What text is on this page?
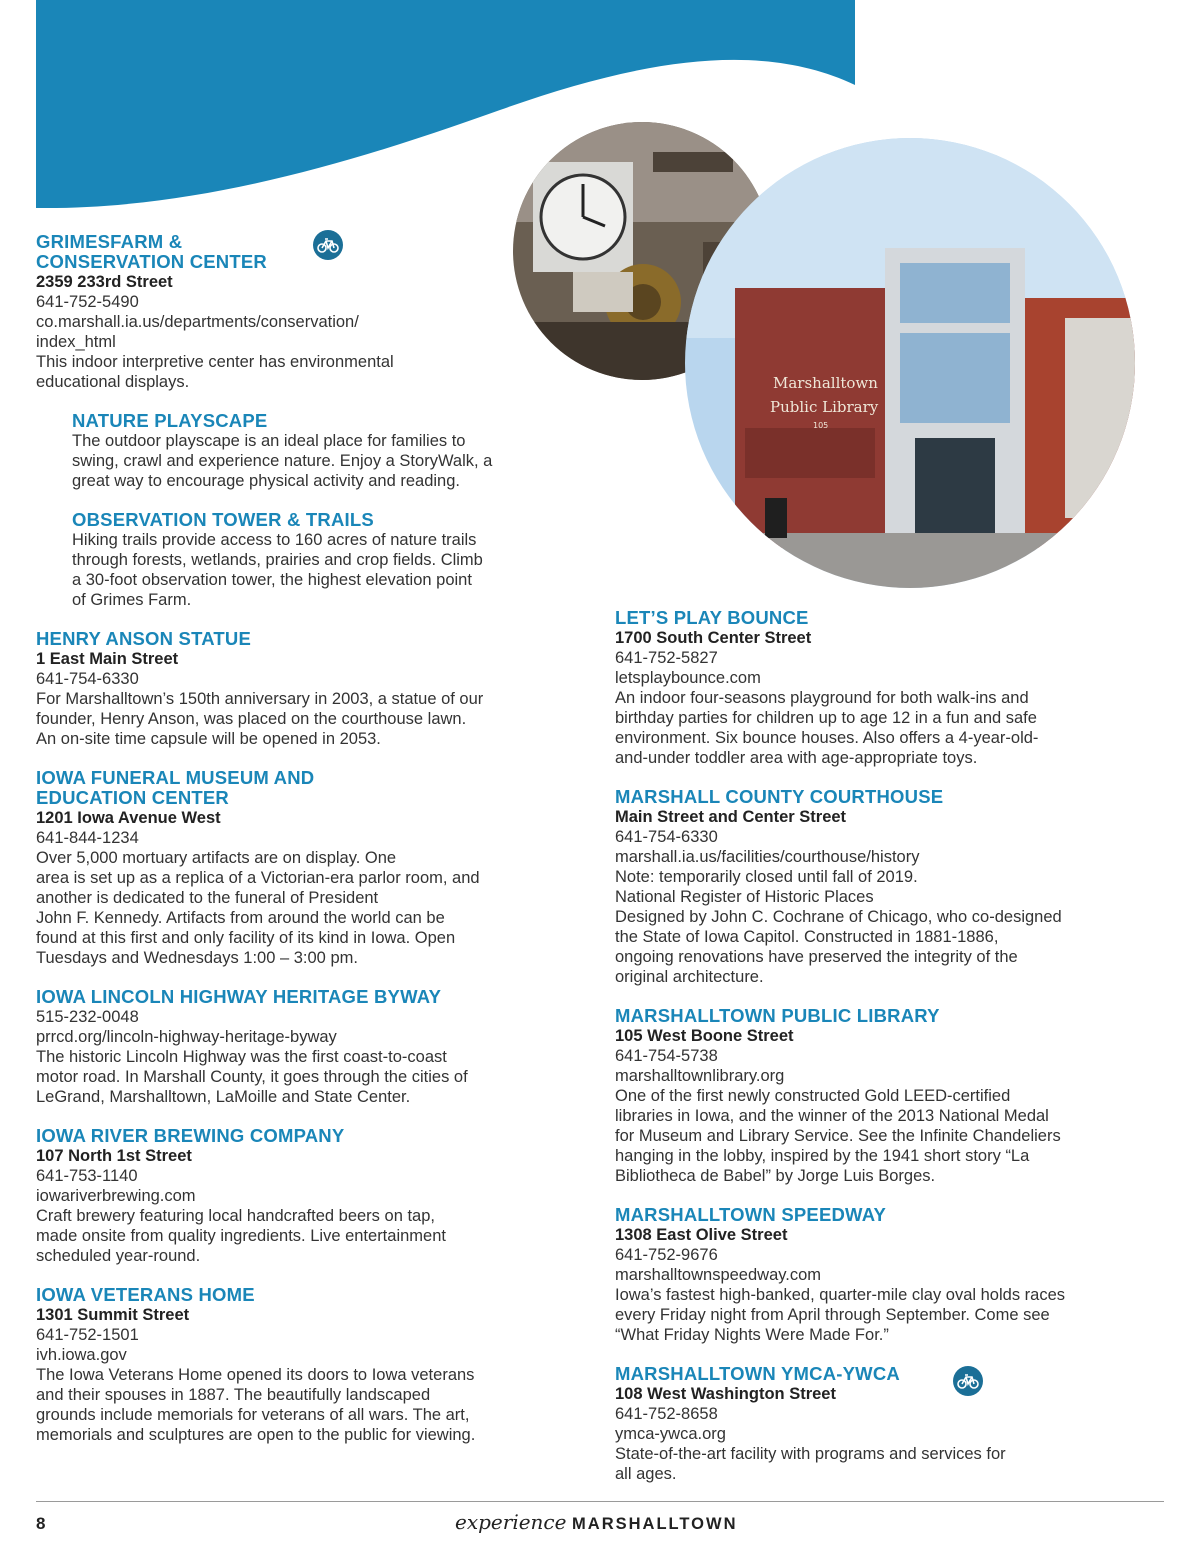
Marshalltown
Public Library
105
GRIMESFARM &
CONSERVATION CENTER
2359 233rd Street
641-752-5490
co.marshall.ia.us/departments/conservation/
index_html
This indoor interpretive center has environmental
educational displays.
NATURE PLAYSCAPE
The outdoor playscape is an ideal place for families to
swing, crawl and experience nature. Enjoy a StoryWalk, a
great way to encourage physical activity and reading.
OBSERVATION TOWER & TRAILS
Hiking trails provide access to 160 acres of nature trails
through forests, wetlands, prairies and crop fields. Climb
a 30-foot observation tower, the highest elevation point
of Grimes Farm.
HENRY ANSON STATUE
1 East Main Street
641-754-6330
For Marshalltown’s 150th anniversary in 2003, a statue of our
founder, Henry Anson, was placed on the courthouse lawn.
An on-site time capsule will be opened in 2053.
IOWA FUNERAL MUSEUM AND
EDUCATION CENTER
1201 Iowa Avenue West
641-844-1234
Over 5,000 mortuary artifacts are on display. One
area is set up as a replica of a Victorian-era parlor room, and
another is dedicated to the funeral of President
John F. Kennedy. Artifacts from around the world can be
found at this first and only facility of its kind in Iowa. Open
Tuesdays and Wednesdays 1:00 – 3:00 pm.
IOWA LINCOLN HIGHWAY HERITAGE BYWAY
515-232-0048
prrcd.org/lincoln-highway-heritage-byway
The historic Lincoln Highway was the first coast-to-coast
motor road. In Marshall County, it goes through the cities of
LeGrand, Marshalltown, LaMoille and State Center.
IOWA RIVER BREWING COMPANY
107 North 1st Street
641-753-1140
iowariverbrewing.com
Craft brewery featuring local handcrafted beers on tap,
made onsite from quality ingredients. Live entertainment
scheduled year-round.
IOWA VETERANS HOME
1301 Summit Street
641-752-1501
ivh.iowa.gov
The Iowa Veterans Home opened its doors to Iowa veterans
and their spouses in 1887. The beautifully landscaped
grounds include memorials for veterans of all wars. The art,
memorials and sculptures are open to the public for viewing.
LET’S PLAY BOUNCE
1700 South Center Street
641-752-5827
letsplaybounce.com
An indoor four-seasons playground for both walk-ins and
birthday parties for children up to age 12 in a fun and safe
environment. Six bounce houses. Also offers a 4-year-old-
and-under toddler area with age-appropriate toys.
MARSHALL COUNTY COURTHOUSE
Main Street and Center Street
641-754-6330
marshall.ia.us/facilities/courthouse/history
Note: temporarily closed until fall of 2019.
National Register of Historic Places
Designed by John C. Cochrane of Chicago, who co-designed
the State of Iowa Capitol. Constructed in 1881-1886,
ongoing renovations have preserved the integrity of the
original architecture.
MARSHALLTOWN PUBLIC LIBRARY
105 West Boone Street
641-754-5738
marshalltownlibrary.org
One of the first newly constructed Gold LEED-certified
libraries in Iowa, and the winner of the 2013 National Medal
for Museum and Library Service. See the Infinite Chandeliers
hanging in the lobby, inspired by the 1941 short story “La
Bibliotheca de Babel” by Jorge Luis Borges.
MARSHALLTOWN SPEEDWAY
1308 East Olive Street
641-752-9676
marshalltownspeedway.com
Iowa’s fastest high-banked, quarter-mile clay oval holds races
every Friday night from April through September. Come see
“What Friday Nights Were Made For.”
MARSHALLTOWN YMCA-YWCA
108 West Washington Street
641-752-8658
ymca-ywca.org
State-of-the-art facility with programs and services for
all ages.
8	experience MARSHALLTOWN
